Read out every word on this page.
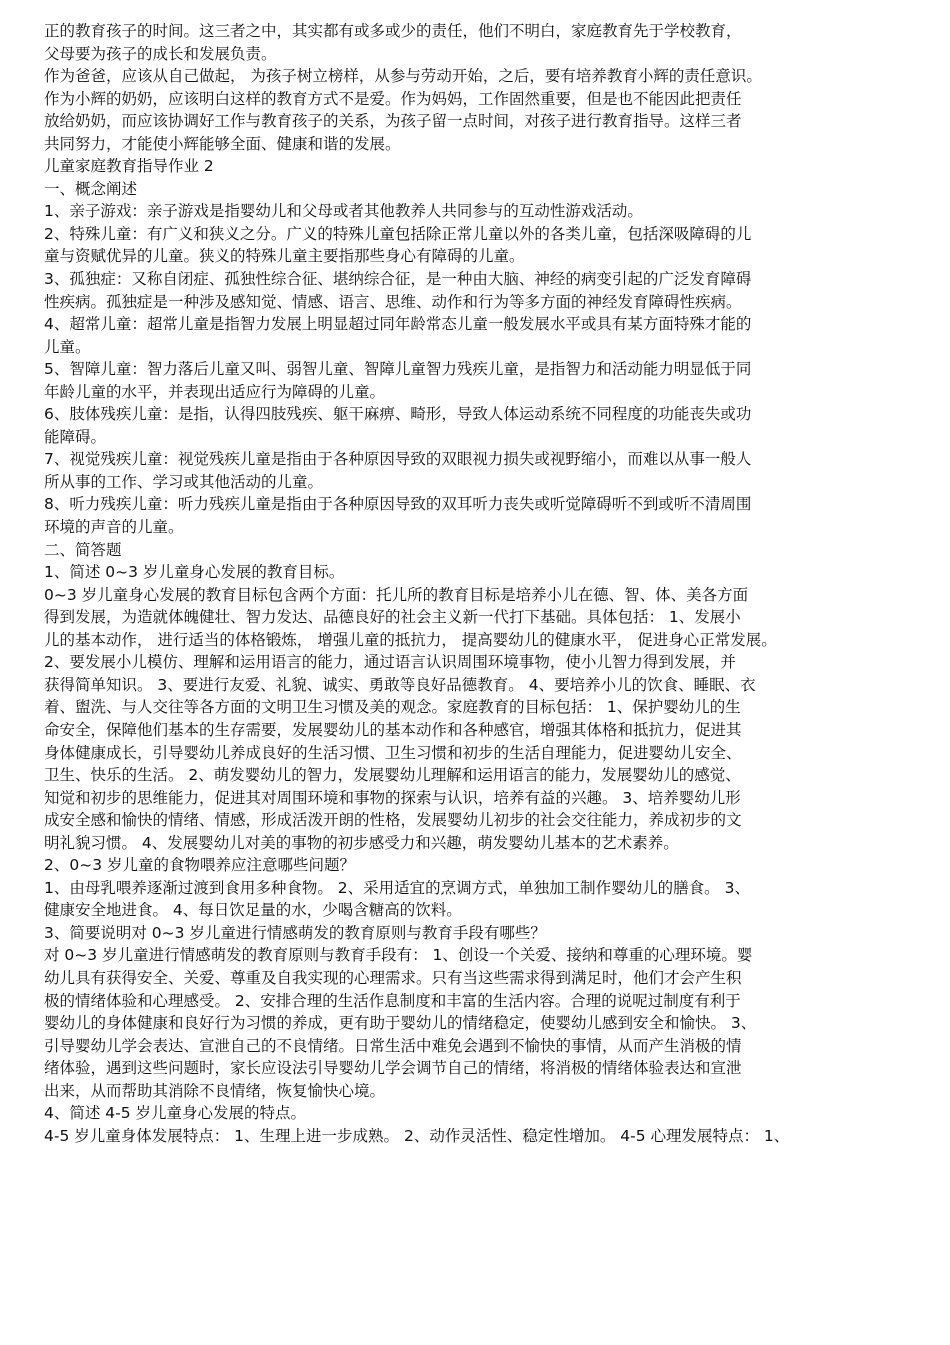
正的教育孩子的时间。这三者之中，其实都有或多或少的责任，他们不明白，家庭教育先于学校教育，
父母要为孩子的成长和发展负责。
作为爸爸，应该从自己做起， 为孩子树立榜样，从参与劳动开始，之后，要有培养教育小辉的责任意识。
作为小辉的奶奶，应该明白这样的教育方式不是爱。作为妈妈，工作固然重要，但是也不能因此把责任
放给奶奶，而应该协调好工作与教育孩子的关系，为孩子留一点时间，对孩子进行教育指导。这样三者
共同努力，才能使小辉能够全面、健康和谐的发展。
儿童家庭教育指导作业 2
一、概念阐述
1、亲子游戏：亲子游戏是指婴幼儿和父母或者其他教养人共同参与的互动性游戏活动。
2、特殊儿童：有广义和狭义之分。广义的特殊儿童包括除正常儿童以外的各类儿童，包括深吸障碍的儿
童与资赋优异的儿童。狭义的特殊儿童主要指那些身心有障碍的儿童。
3、孤独症：又称自闭症、孤独性综合征、堪纳综合征，是一种由大脑、神经的病变引起的广泛发育障碍
性疾病。孤独症是一种涉及感知觉、情感、语言、思维、动作和行为等多方面的神经发育障碍性疾病。
4、超常儿童：超常儿童是指智力发展上明显超过同年龄常态儿童一般发展水平或具有某方面特殊才能的
儿童。
5、智障儿童：智力落后儿童又叫、弱智儿童、智障儿童智力残疾儿童，是指智力和活动能力明显低于同
年龄儿童的水平，并表现出适应行为障碍的儿童。
6、肢体残疾儿童：是指，认得四肢残疾、躯干麻痹、畸形，导致人体运动系统不同程度的功能丧失或功
能障碍。
7、视觉残疾儿童：视觉残疾儿童是指由于各种原因导致的双眼视力损失或视野缩小，而难以从事一般人
所从事的工作、学习或其他活动的儿童。
8、听力残疾儿童：听力残疾儿童是指由于各种原因导致的双耳听力丧失或听觉障碍听不到或听不清周围
环境的声音的儿童。
二、简答题
1、简述 0~3 岁儿童身心发展的教育目标。
0~3 岁儿童身心发展的教育目标包含两个方面：托儿所的教育目标是培养小儿在德、智、体、美各方面
得到发展，为造就体魄健壮、智力发达、品德良好的社会主义新一代打下基础。具体包括： 1、发展小
儿的基本动作， 进行适当的体格锻炼， 增强儿童的抵抗力， 提高婴幼儿的健康水平， 促进身心正常发展。
2、要发展小儿模仿、理解和运用语言的能力，通过语言认识周围环境事物，使小儿智力得到发展，并
获得简单知识。 3、要进行友爱、礼貌、诚实、勇敢等良好品德教育。 4、要培养小儿的饮食、睡眠、衣
着、盥洗、与人交往等各方面的文明卫生习惯及美的观念。家庭教育的目标包括： 1、保护婴幼儿的生
命安全，保障他们基本的生存需要，发展婴幼儿的基本动作和各种感官，增强其体格和抵抗力，促进其
身体健康成长，引导婴幼儿养成良好的生活习惯、卫生习惯和初步的生活自理能力，促进婴幼儿安全、
卫生、快乐的生活。 2、萌发婴幼儿的智力，发展婴幼儿理解和运用语言的能力，发展婴幼儿的感觉、
知觉和初步的思维能力，促进其对周围环境和事物的探索与认识，培养有益的兴趣。 3、培养婴幼儿形
成安全感和愉快的情绪、情感，形成活泼开朗的性格，发展婴幼儿初步的社会交往能力，养成初步的文
明礼貌习惯。 4、发展婴幼儿对美的事物的初步感受力和兴趣，萌发婴幼儿基本的艺术素养。
2、0~3 岁儿童的食物喂养应注意哪些问题？
1、由母乳喂养逐渐过渡到食用多种食物。 2、采用适宜的烹调方式，单独加工制作婴幼儿的膳食。 3、
健康安全地进食。 4、每日饮足量的水，少喝含糖高的饮料。
3、简要说明对 0~3 岁儿童进行情感萌发的教育原则与教育手段有哪些？
对 0~3 岁儿童进行情感萌发的教育原则与教育手段有： 1、创设一个关爱、接纳和尊重的心理环境。婴
幼儿具有获得安全、关爱、尊重及自我实现的心理需求。只有当这些需求得到满足时，他们才会产生积
极的情绪体验和心理感受。 2、安排合理的生活作息制度和丰富的生活内容。合理的说呢过制度有利于
婴幼儿的身体健康和良好行为习惯的养成，更有助于婴幼儿的情绪稳定，使婴幼儿感到安全和愉快。 3、
引导婴幼儿学会表达、宣泄自己的不良情绪。日常生活中难免会遇到不愉快的事情，从而产生消极的情
绪体验，遇到这些问题时，家长应设法引导婴幼儿学会调节自己的情绪，将消极的情绪体验表达和宣泄
出来，从而帮助其消除不良情绪，恢复愉快心境。
4、简述 4-5 岁儿童身心发展的特点。
4-5 岁儿童身体发展特点： 1、生理上进一步成熟。 2、动作灵活性、稳定性增加。 4-5 心理发展特点： 1、
